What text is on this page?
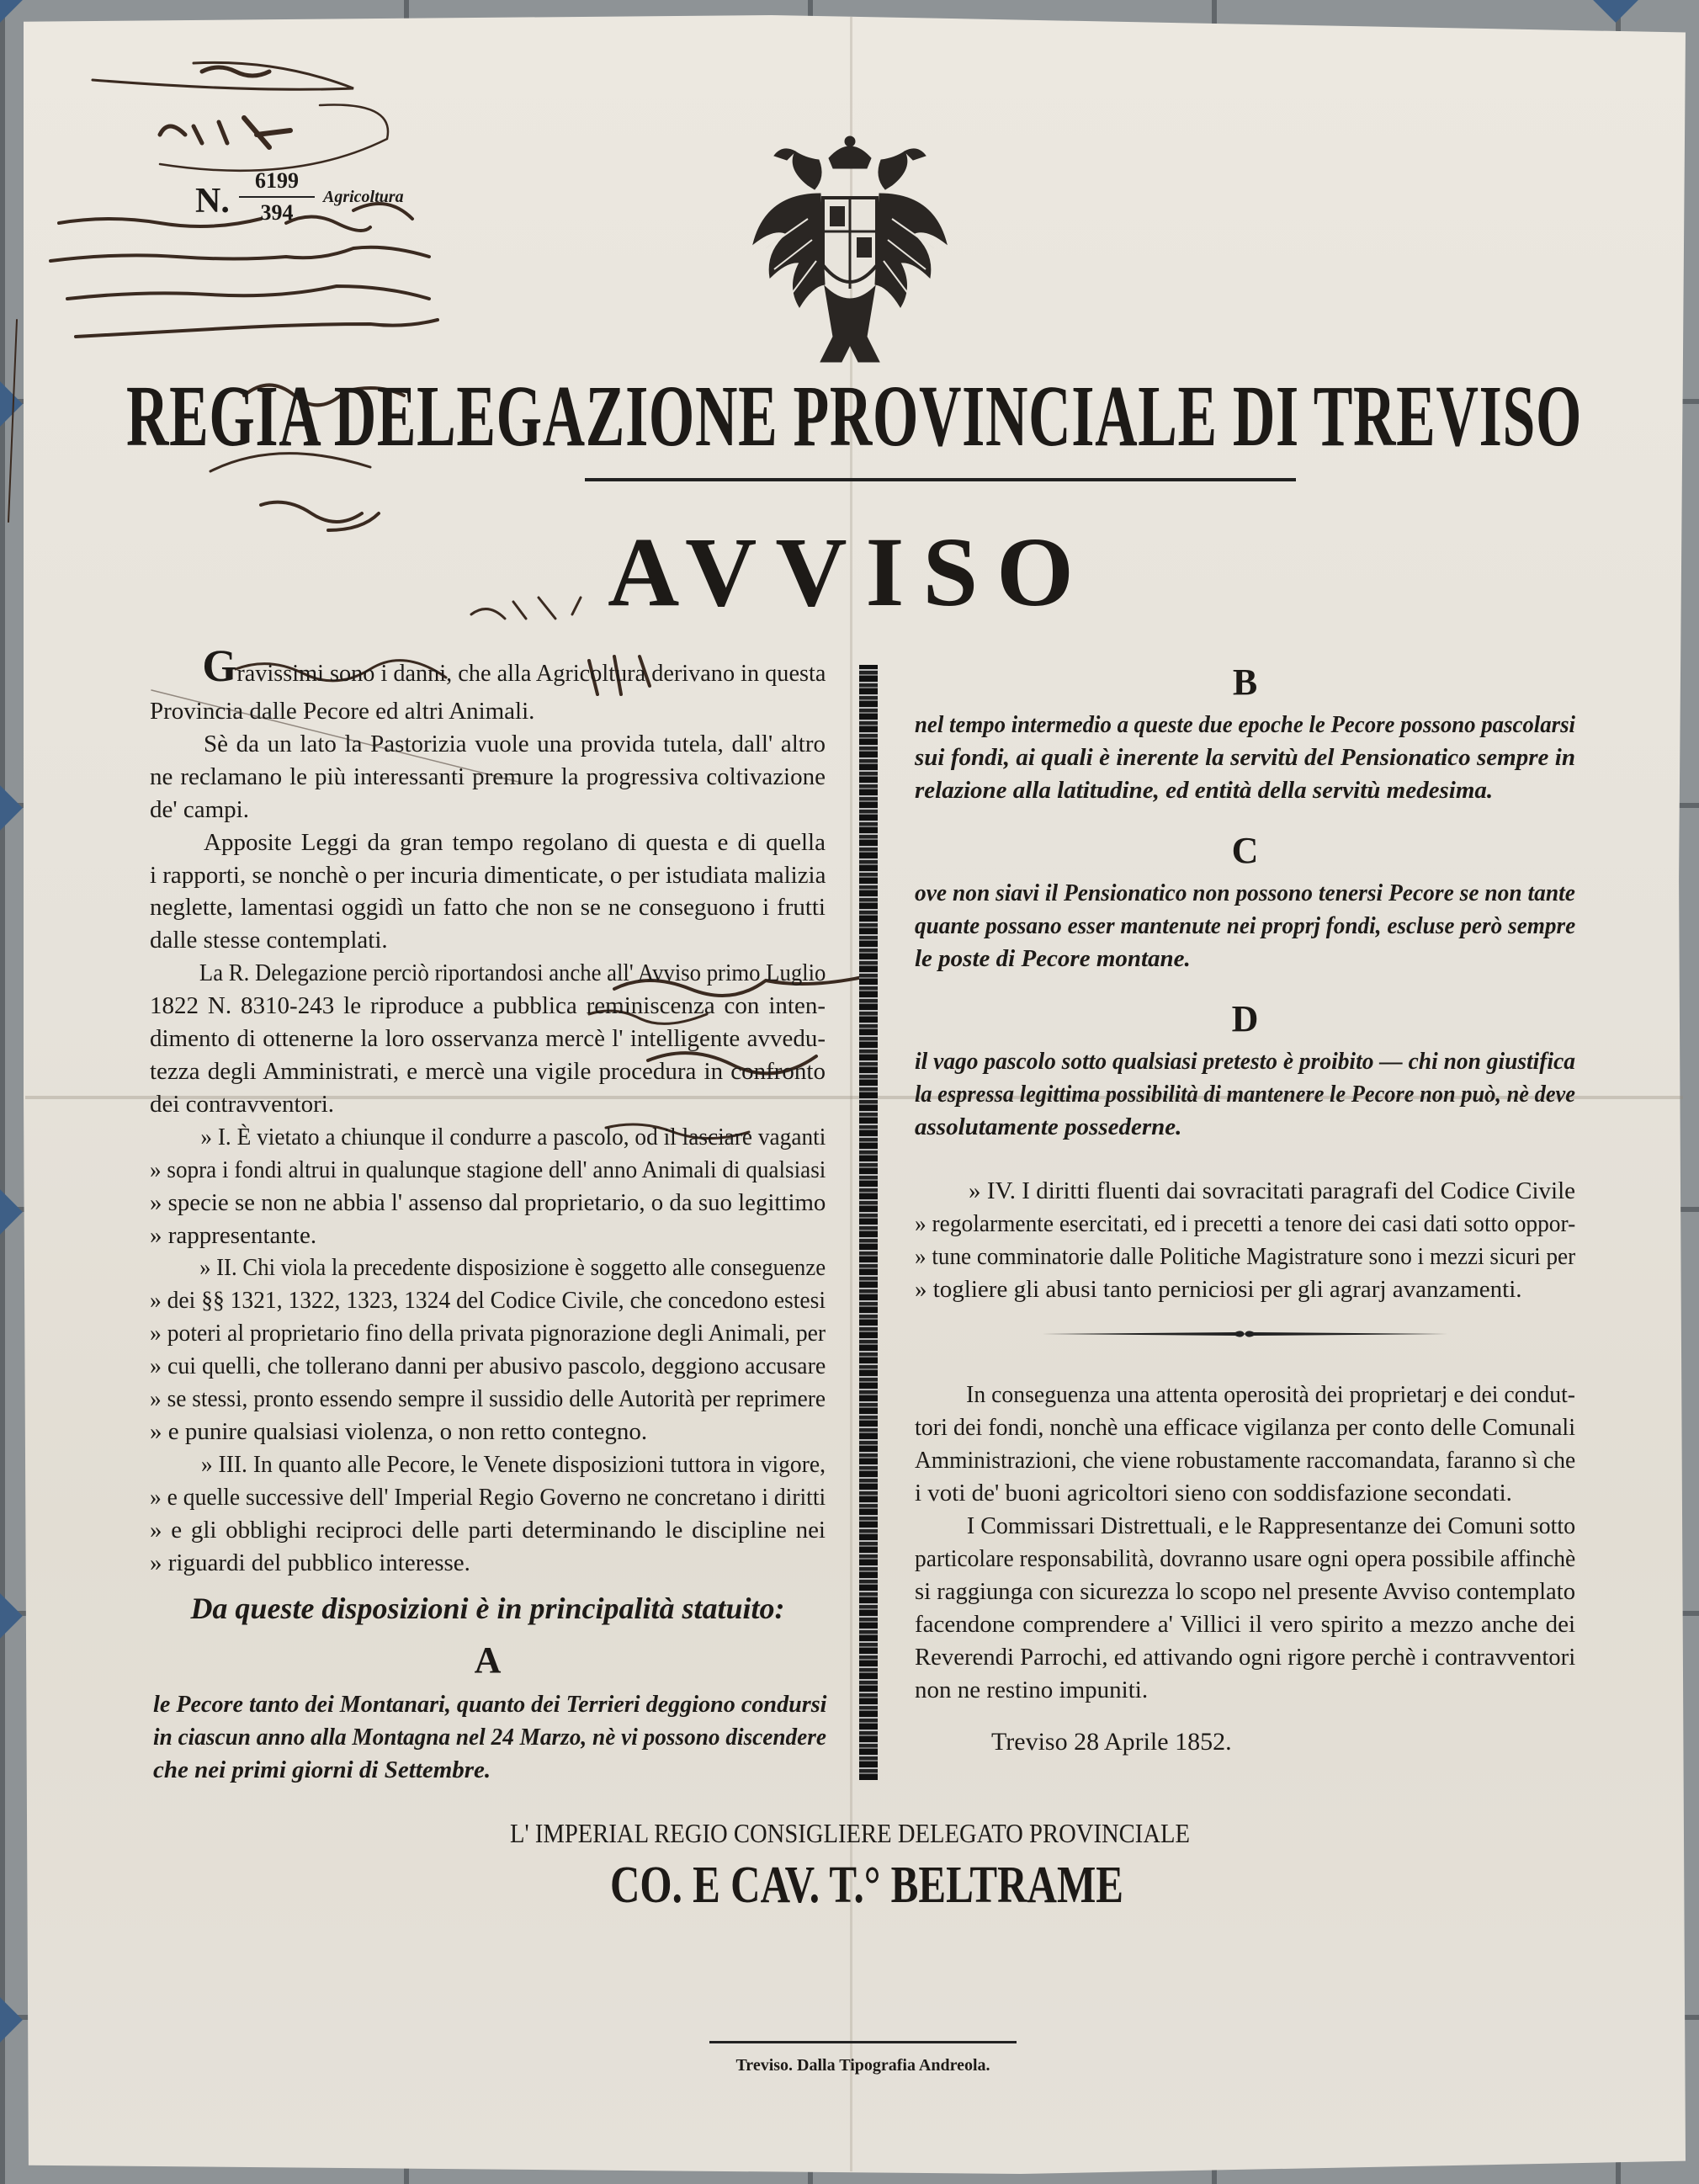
N.
6199
394
Agricoltura
REGIA DELEGAZIONE PROVINCIALE DI TREVISO
AVVISO
Gravissimi sono i danni, che alla Agricoltura derivano in questa
Provincia dalle Pecore ed altri Animali.
Sè da un lato la Pastorizia vuole una provida tutela, dall' altro
ne reclamano le più interessanti premure la progressiva coltivazione
de' campi.
Apposite Leggi da gran tempo regolano di questa e di quella
i rapporti, se nonchè o per incuria dimenticate, o per istudiata malizia
neglette, lamentasi oggidì un fatto che non se ne conseguono i frutti
dalle stesse contemplati.
La R. Delegazione perciò riportandosi anche all' Avviso primo Luglio
1822 N. 8310-243 le riproduce a pubblica reminiscenza con inten-
dimento di ottenerne la loro osservanza mercè l' intelligente avvedu-
tezza degli Amministrati, e mercè una vigile procedura in confronto
dei contravventori.
» I. È vietato a chiunque il condurre a pascolo, od il lasciare vaganti
» sopra i fondi altrui in qualunque stagione dell' anno Animali di qualsiasi
» specie se non ne abbia l' assenso dal proprietario, o da suo legittimo
» rappresentante.
» II. Chi viola la precedente disposizione è soggetto alle conseguenze
» dei §§ 1321, 1322, 1323, 1324 del Codice Civile, che concedono estesi
» poteri al proprietario fino della privata pignorazione degli Animali, per
» cui quelli, che tollerano danni per abusivo pascolo, deggiono accusare
» se stessi, pronto essendo sempre il sussidio delle Autorità per reprimere
» e punire qualsiasi violenza, o non retto contegno.
» III. In quanto alle Pecore, le Venete disposizioni tuttora in vigore,
» e quelle successive dell' Imperial Regio Governo ne concretano i diritti
» e gli obblighi reciproci delle parti determinando le discipline nei
» riguardi del pubblico interesse.
Da queste disposizioni è in principalità statuito:
A
le Pecore tanto dei Montanari, quanto dei Terrieri deggiono condursi
in ciascun anno alla Montagna nel 24 Marzo, nè vi possono discendere
che nei primi giorni di Settembre.
B
nel tempo intermedio a queste due epoche le Pecore possono pascolarsi
sui fondi, ai quali è inerente la servitù del Pensionatico sempre in
relazione alla latitudine, ed entità della servitù medesima.
C
ove non siavi il Pensionatico non possono tenersi Pecore se non tante
quante possano esser mantenute nei proprj fondi, escluse però sempre
le poste di Pecore montane.
D
il vago pascolo sotto qualsiasi pretesto è proibito — chi non giustifica
la espressa legittima possibilità di mantenere le Pecore non può, nè deve
assolutamente possederne.
» IV. I diritti fluenti dai sovracitati paragrafi del Codice Civile
» regolarmente esercitati, ed i precetti a tenore dei casi dati sotto oppor-
» tune comminatorie dalle Politiche Magistrature sono i mezzi sicuri per
» togliere gli abusi tanto perniciosi per gli agrarj avanzamenti.
In conseguenza una attenta operosità dei proprietarj e dei condut-
tori dei fondi, nonchè una efficace vigilanza per conto delle Comunali
Amministrazioni, che viene robustamente raccomandata, faranno sì che
i voti de' buoni agricoltori sieno con soddisfazione secondati.
I Commissari Distrettuali, e le Rappresentanze dei Comuni sotto
particolare responsabilità, dovranno usare ogni opera possibile affinchè
si raggiunga con sicurezza lo scopo nel presente Avviso contemplato
facendone comprendere a' Villici il vero spirito a mezzo anche dei
Reverendi Parrochi, ed attivando ogni rigore perchè i contravventori
non ne restino impuniti.
Treviso 28 Aprile 1852.
L' IMPERIAL REGIO CONSIGLIERE DELEGATO PROVINCIALE
CO. E CAV. T.° BELTRAME
Treviso. Dalla Tipografia Andreola.
